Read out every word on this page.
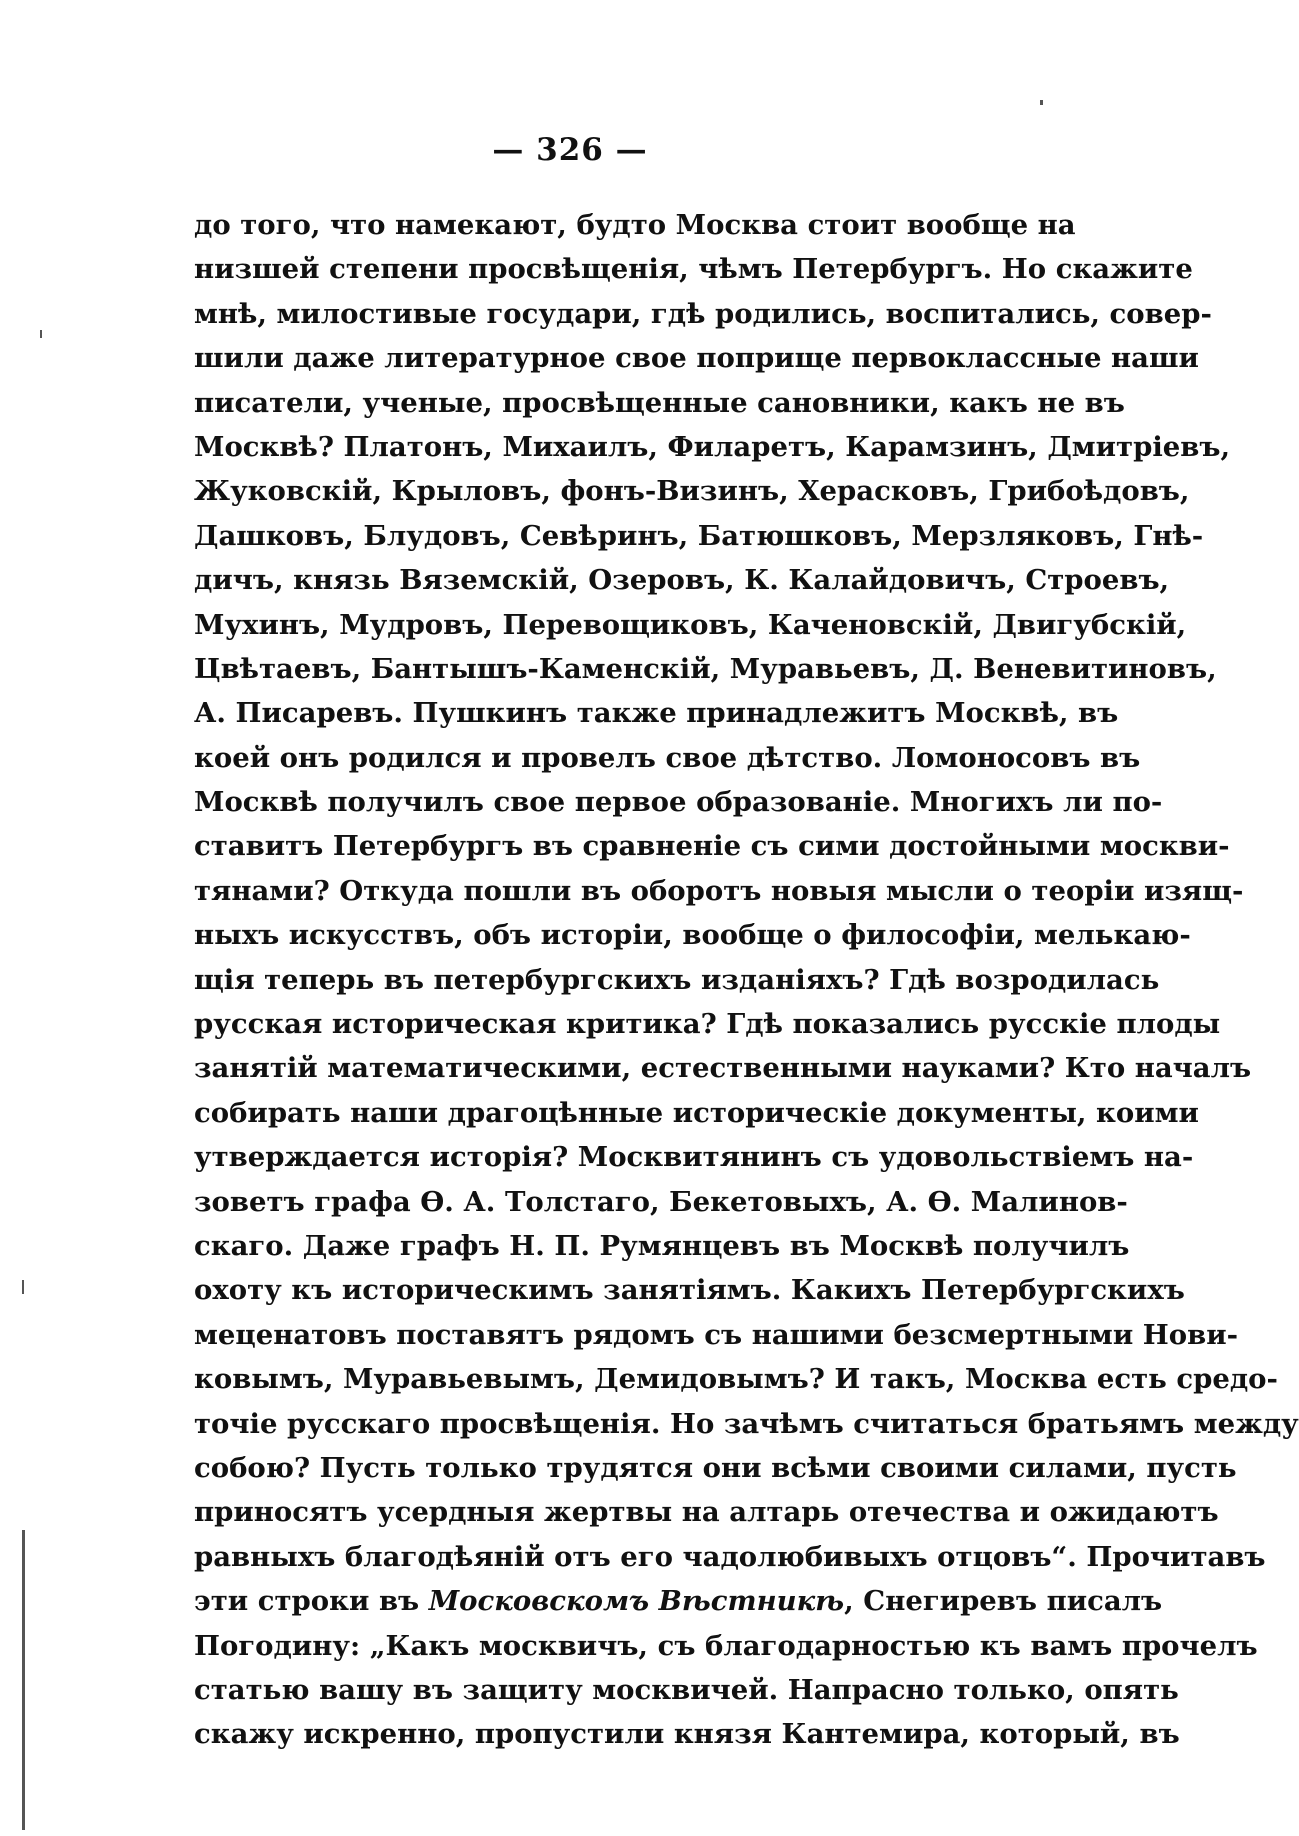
— 326 —
до того, что намекают, будто Москва стоит вообще на
низшей степени просвѣщенія, чѣмъ Петербургъ. Но скажите
мнѣ, милостивые государи, гдѣ родились, воспитались, совер-
шили даже литературное свое поприще первоклассные наши
писатели, ученые, просвѣщенные сановники, какъ не въ
Москвѣ? Платонъ, Михаилъ, Филаретъ, Карамзинъ, Дмитріевъ,
Жуковскій, Крыловъ, фонъ-Визинъ, Херасковъ, Грибоѣдовъ,
Дашковъ, Блудовъ, Севѣринъ, Батюшковъ, Мерзляковъ, Гнѣ-
дичъ, князь Вяземскій, Озеровъ, К. Калайдовичъ, Строевъ,
Мухинъ, Мудровъ, Перевощиковъ, Каченовскій, Двигубскій,
Цвѣтаевъ, Бантышъ-Каменскій, Муравьевъ, Д. Веневитиновъ,
А. Писаревъ. Пушкинъ также принадлежитъ Москвѣ, въ
коей онъ родился и провелъ свое дѣтство. Ломоносовъ въ
Москвѣ получилъ свое первое образованіе. Многихъ ли по-
ставитъ Петербургъ въ сравненіе съ сими достойными москви-
тянами? Откуда пошли въ оборотъ новыя мысли о теоріи изящ-
ныхъ искусствъ, объ исторіи, вообще о философіи, мелькаю-
щія теперь въ петербургскихъ изданіяхъ? Гдѣ возродилась
русская историческая критика? Гдѣ показались русскіе плоды
занятій математическими, естественными науками? Кто началъ
собирать наши драгоцѣнные историческіе документы, коими
утверждается исторія? Москвитянинъ съ удовольствіемъ на-
зоветъ графа Ѳ. А. Толстаго, Бекетовыхъ, А. Ѳ. Малинов-
скаго. Даже графъ Н. П. Румянцевъ въ Москвѣ получилъ
охоту къ историческимъ занятіямъ. Какихъ Петербургскихъ
меценатовъ поставятъ рядомъ съ нашими безсмертными Нови-
ковымъ, Муравьевымъ, Демидовымъ? И такъ, Москва есть средо-
точіе русскаго просвѣщенія. Но зачѣмъ считаться братьямъ между
собою? Пусть только трудятся они всѣми своими силами, пусть
приносятъ усердныя жертвы на алтарь отечества и ожидаютъ
равныхъ благодѣяній отъ его чадолюбивыхъ отцовъ“. Прочитавъ
эти строки въ Московскомъ Вѣстникѣ, Снегиревъ писалъ
Погодину: „Какъ москвичъ, съ благодарностью къ вамъ прочелъ
статью вашу въ защиту москвичей. Напрасно только, опять
скажу искренно, пропустили князя Кантемира, который, въ
